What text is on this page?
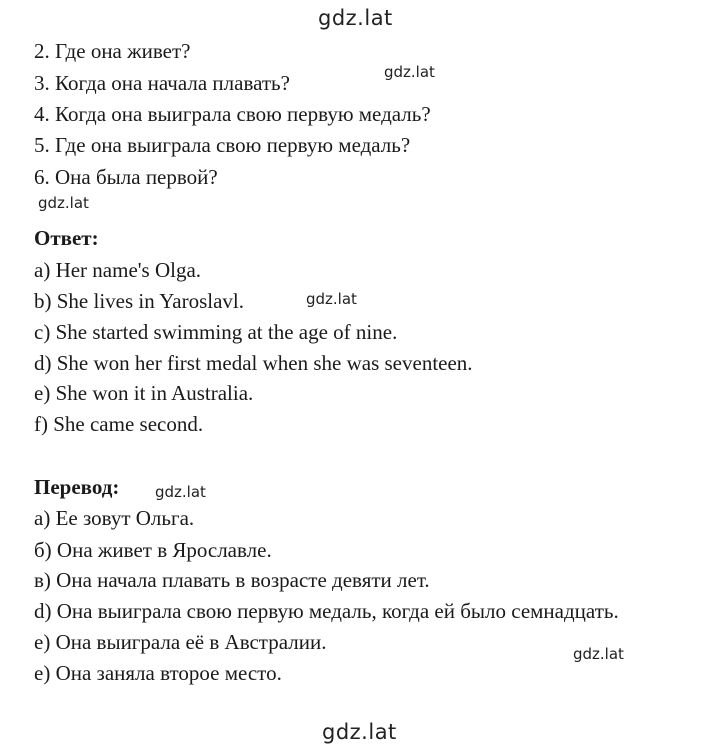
gdz.lat
gdz.lat
gdz.lat
gdz.lat
gdz.lat
gdz.lat
gdz.lat
2. Где она живет?
3. Когда она начала плавать?
4. Когда она выиграла свою первую медаль?
5. Где она выиграла свою первую медаль?
6. Она была первой?
Ответ:
a) Her name's Olga.
b) She lives in Yaroslavl.
c) She started swimming at the age of nine.
d) She won her first medal when she was seventeen.
e) She won it in Australia.
f) She came second.
Перевод:
а) Ее зовут Ольга.
б) Она живет в Ярославле.
в) Она начала плавать в возрасте девяти лет.
d) Она выиграла свою первую медаль, когда ей было семнадцать.
е) Она выиграла её в Австралии.
е) Она заняла второе место.
